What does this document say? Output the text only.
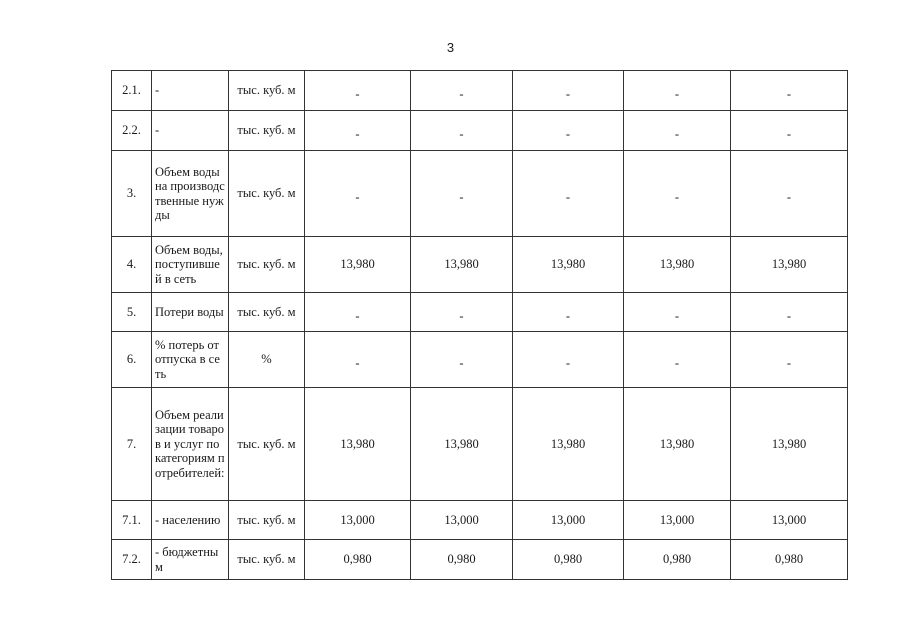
3
2.1.	-	тыс. куб. м	-	-	-	-	-
2.2.	-	тыс. куб. м	-	-	-	-	-
3.	Объем воды на производственные нужды	тыс. куб. м	-	-	-	-	-
4.	Объем воды, поступившей в сеть	тыс. куб. м	13,980	13,980	13,980	13,980	13,980
5.	Потери воды	тыс. куб. м	-	-	-	-	-
6.	% потерь от отпуска в сеть	%	-	-	-	-	-
7.	Объем реализации товаров и услуг по категориям потребителей:	тыс. куб. м	13,980	13,980	13,980	13,980	13,980
7.1.	- населению	тыс. куб. м	13,000	13,000	13,000	13,000	13,000
7.2.	- бюджетным	тыс. куб. м	0,980	0,980	0,980	0,980	0,980
